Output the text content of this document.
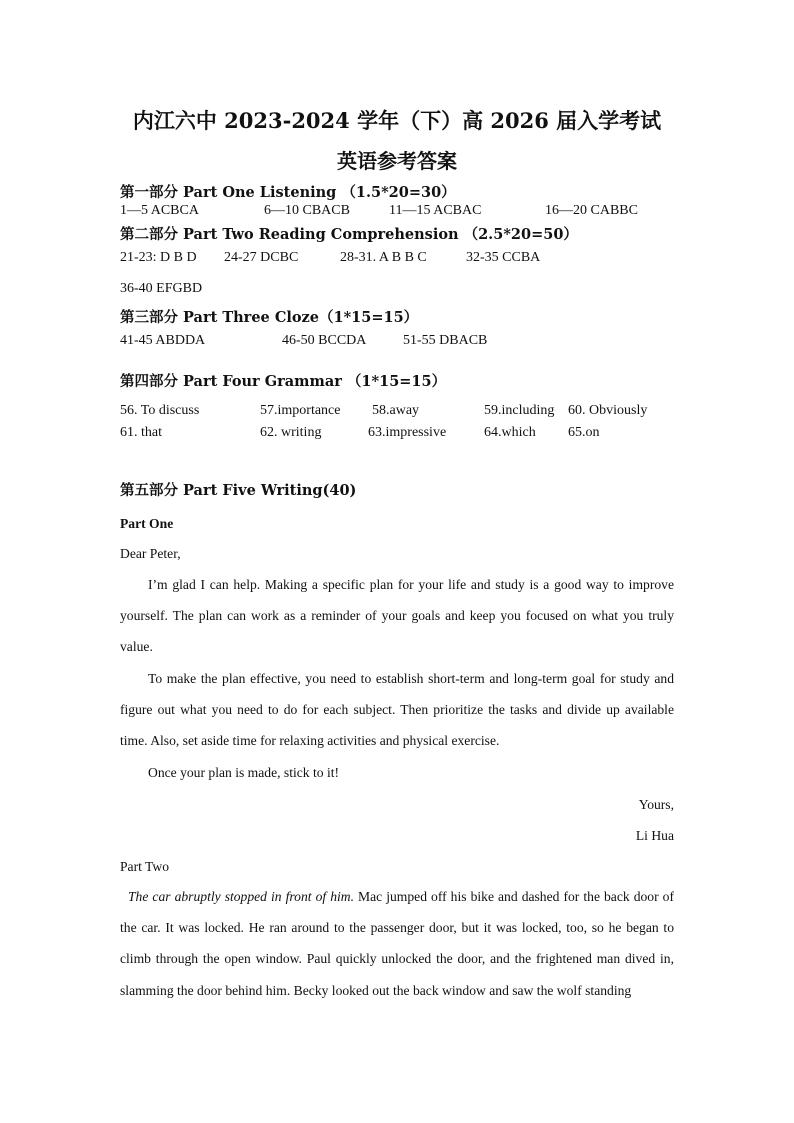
内江六中 2023-2024 学年（下）高 2026 届入学考试
英语参考答案
第一部分 Part One Listening （1.5*20=30）
1—5 ACBCA	6—10 CBACB	11—15 ACBAC	16—20 CABBC
第二部分 Part Two Reading Comprehension （2.5*20=50）
21-23: D B D 24-27 DCBC	28-31. A B B C	32-35 CCBA
36-40 EFGBD
第三部分 Part Three Cloze（1*15=15）
41-45 ABDDA	46-50 BCCDA	51-55 DBACB
第四部分 Part Four Grammar （1*15=15）
56. To discuss	57.importance 58.away	59.including 60. Obviously
61. that	62. writing	63.impressive	64.which 65.on
第五部分 Part Five Writing(40)
Part One
Dear Peter,

I’m glad I can help. Making a specific plan for your life and study is a good way to improve yourself. The plan can work as a reminder of your goals and keep you focused on what you truly value.

To make the plan effective, you need to establish short-term and long-term goal for study and figure out what you need to do for each subject. Then prioritize the tasks and divide up available time. Also, set aside time for relaxing activities and physical exercise.

Once your plan is made, stick to it!

Yours,
Li Hua
Part Two

The car abruptly stopped in front of him. Mac jumped off his bike and dashed for the back door of the car. It was locked. He ran around to the passenger door, but it was locked, too, so he began to climb through the open window. Paul quickly unlocked the door, and the frightened man dived in, slamming the door behind him. Becky looked out the back window and saw the wolf standing
